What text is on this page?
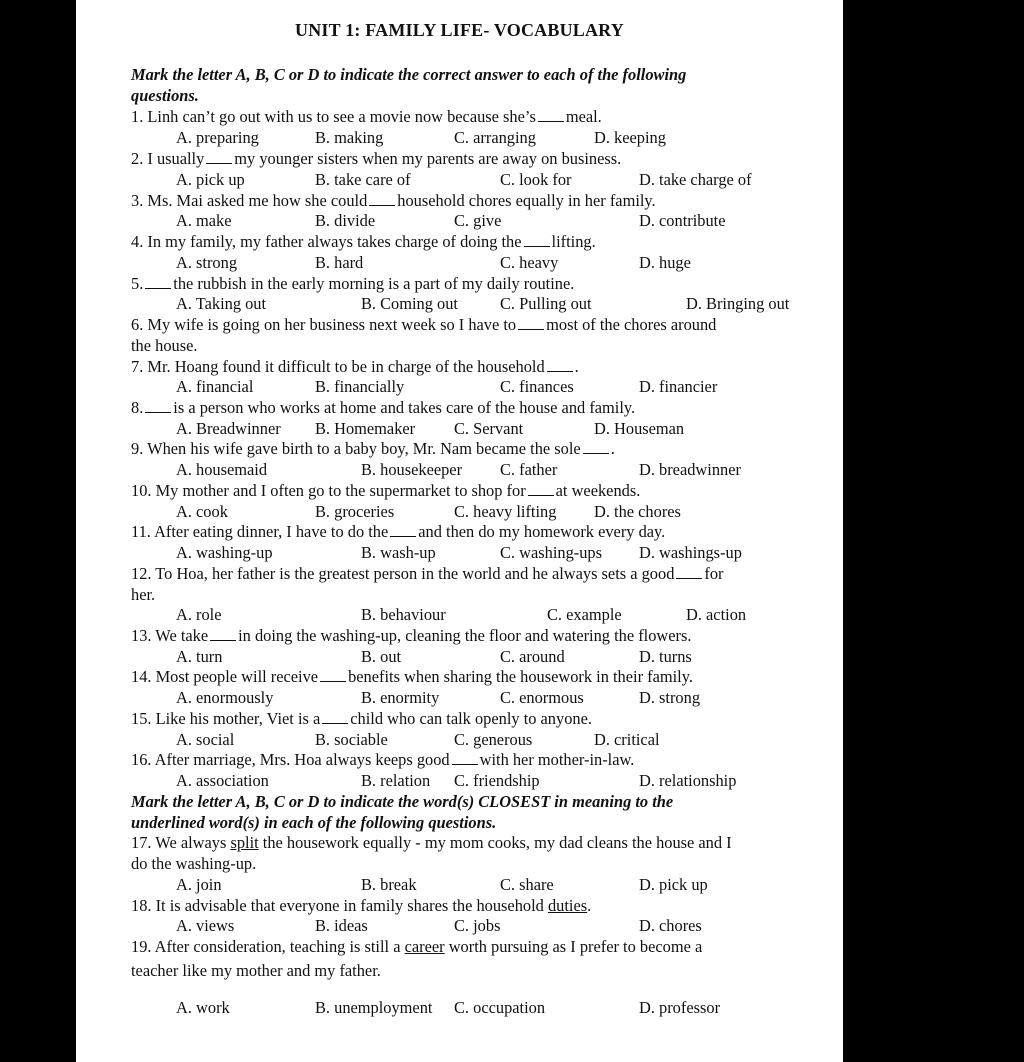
UNIT 1: FAMILY LIFE- VOCABULARY
Mark the letter A, B, C or D to indicate the correct answer to each of the following
questions.
1. Linh can’t go out with us to see a movie now because she’s meal.
A. preparing	B. making	C. arranging	D. keeping
2. I usually my younger sisters when my parents are away on business.
A. pick up	B. take care of	C. look for	D. take charge of
3. Ms. Mai asked me how she could household chores equally in her family.
A. make	B. divide	C. give	D. contribute
4. In my family, my father always takes charge of doing the lifting.
A. strong	B. hard	C. heavy	D. huge
5. the rubbish in the early morning is a part of my daily routine.
A. Taking out	B. Coming out	C. Pulling out	D. Bringing out
6. My wife is going on her business next week so I have to most of the chores around
the house.
7. Mr. Hoang found it difficult to be in charge of the household .
A. financial	B. financially	C. finances	D. financier
8. is a person who works at home and takes care of the house and family.
A. Breadwinner B. Homemaker C. Servant	D. Houseman
9. When his wife gave birth to a baby boy, Mr. Nam became the sole .
A. housemaid	B. housekeeper C. father	D. breadwinner
10. My mother and I often go to the supermarket to shop for at weekends.
A. cook	B. groceries	C. heavy lifting D. the chores
11. After eating dinner, I have to do the and then do my homework every day.
A. washing-up	B. wash-up	C. washing-ups D. washings-up
12. To Hoa, her father is the greatest person in the world and he always sets a good for
her.
A. role	B. behaviour	C. example	D. action
13. We take in doing the washing-up, cleaning the floor and watering the flowers.
A. turn	B. out	C. around	D. turns
14. Most people will receive benefits when sharing the housework in their family.
A. enormously	B. enormity	C. enormous	D. strong
15. Like his mother, Viet is a child who can talk openly to anyone.
A. social	B. sociable	C. generous	D. critical
16. After marriage, Mrs. Hoa always keeps good with her mother-in-law.
A. association	B. relation C. friendship	D. relationship
Mark the letter A, B, C or D to indicate the word(s) CLOSEST in meaning to the
underlined word(s) in each of the following questions.
17. We always split the housework equally - my mom cooks, my dad cleans the house and I
do the washing-up.
A. join	B. break	C. share	D. pick up
18. It is advisable that everyone in family shares the household duties.
A. views	B. ideas	C. jobs	D. chores
19. After consideration, teaching is still a career worth pursuing as I prefer to become a
teacher like my mother and my father.
A. work	B. unemployment C. occupation	D. professor
